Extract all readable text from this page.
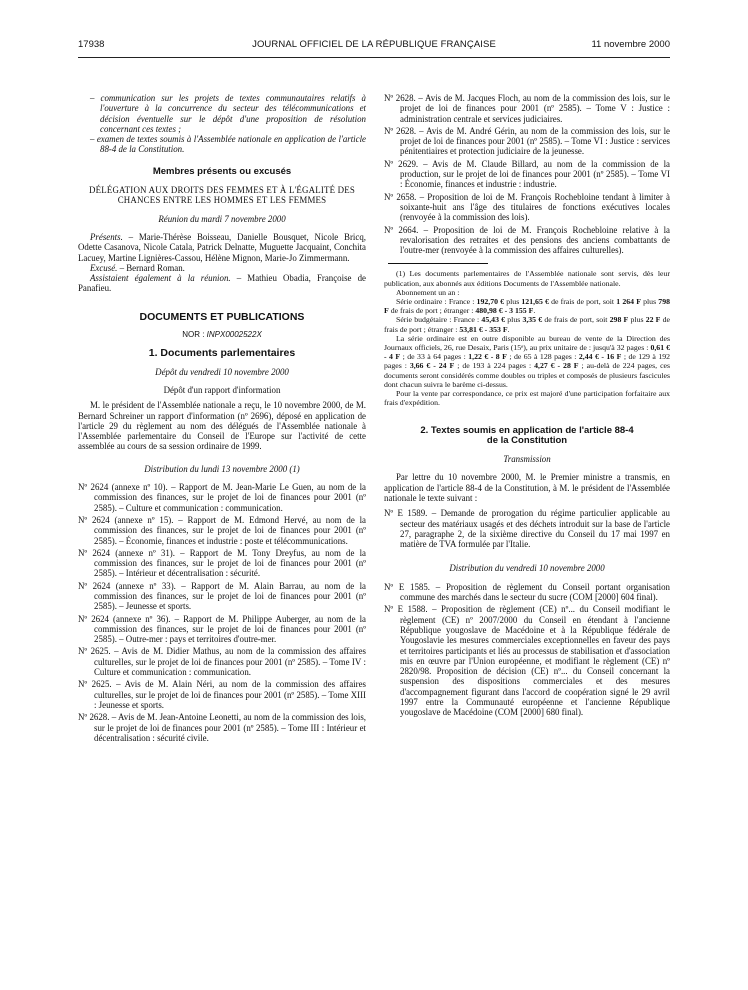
17938	JOURNAL OFFICIEL DE LA RÉPUBLIQUE FRANÇAISE	11 novembre 2000

– communication sur les projets de textes communautaires relatifs à l'ouverture à la concurrence du secteur des télécommunications et décision éventuelle sur le dépôt d'une proposition de résolution concernant ces textes ;

– examen de textes soumis à l'Assemblée nationale en application de l'article 88-4 de la Constitution.

Membres présents ou excusés

DÉLÉGATION AUX DROITS DES FEMMES ET À L'ÉGALITÉ DES CHANCES ENTRE LES HOMMES ET LES FEMMES

Réunion du mardi 7 novembre 2000

Présents. – Marie-Thérèse Boisseau, Danielle Bousquet, Nicole Bricq, Odette Casanova, Nicole Catala, Patrick Delnatte, Muguette Jacquaint, Conchita Lacuey, Martine Lignières-Cassou, Hélène Mignon, Marie-Jo Zimmermann.

Excusé. – Bernard Roman.

Assistaient également à la réunion. – Mathieu Obadia, Françoise de Panafieu.

DOCUMENTS ET PUBLICATIONS

NOR : INPX0002522X

1. Documents parlementaires

Dépôt du vendredi 10 novembre 2000

Dépôt d'un rapport d'information

M. le président de l'Assemblée nationale a reçu, le 10 novembre 2000, de M. Bernard Schreiner un rapport d'information (nº 2696), déposé en application de l'article 29 du règlement au nom des délégués de l'Assemblée nationale à l'Assemblée parlementaire du Conseil de l'Europe sur l'activité de cette assemblée au cours de sa session ordinaire de 1999.

Distribution du lundi 13 novembre 2000 (1)

Nº 2624 (annexe nº 10). – Rapport de M. Jean-Marie Le Guen, au nom de la commission des finances, sur le projet de loi de finances pour 2001 (nº 2585). – Culture et communication : communication.

Nº 2624 (annexe nº 15). – Rapport de M. Edmond Hervé, au nom de la commission des finances, sur le projet de loi de finances pour 2001 (nº 2585). – Économie, finances et industrie : poste et télécommunications.

Nº 2624 (annexe nº 31). – Rapport de M. Tony Dreyfus, au nom de la commission des finances, sur le projet de loi de finances pour 2001 (nº 2585). – Intérieur et décentralisation : sécurité.

Nº 2624 (annexe nº 33). – Rapport de M. Alain Barrau, au nom de la commission des finances, sur le projet de loi de finances pour 2001 (nº 2585). – Jeunesse et sports.

Nº 2624 (annexe nº 36). – Rapport de M. Philippe Auberger, au nom de la commission des finances, sur le projet de loi de finances pour 2001 (nº 2585). – Outre-mer : pays et territoires d'outre-mer.

Nº 2625. – Avis de M. Didier Mathus, au nom de la commission des affaires culturelles, sur le projet de loi de finances pour 2001 (nº 2585). – Tome IV : Culture et communication : communication.

Nº 2625. – Avis de M. Alain Néri, au nom de la commission des affaires culturelles, sur le projet de loi de finances pour 2001 (nº 2585). – Tome XIII : Jeunesse et sports.

Nº 2628. – Avis de M. Jean-Antoine Leonetti, au nom de la commission des lois, sur le projet de loi de finances pour 2001 (nº 2585). – Tome III : Intérieur et décentralisation : sécurité civile.

Nº 2628. – Avis de M. Jacques Floch, au nom de la commission des lois, sur le projet de loi de finances pour 2001 (nº 2585). – Tome V : Justice : administration centrale et services judiciaires.

Nº 2628. – Avis de M. André Gérin, au nom de la commission des lois, sur le projet de loi de finances pour 2001 (nº 2585). – Tome VI : Justice : services pénitentiaires et protection judiciaire de la jeunesse.

Nº 2629. – Avis de M. Claude Billard, au nom de la commission de la production, sur le projet de loi de finances pour 2001 (nº 2585). – Tome VI : Économie, finances et industrie : industrie.

Nº 2658. – Proposition de loi de M. François Rochebloine tendant à limiter à soixante-huit ans l'âge des titulaires de fonctions exécutives locales (renvoyée à la commission des lois).

Nº 2664. – Proposition de loi de M. François Rochebloine relative à la revalorisation des retraites et des pensions des anciens combattants de l'outre-mer (renvoyée à la commission des affaires culturelles).

(1) Les documents parlementaires de l'Assemblée nationale sont servis, dès leur publication, aux abonnés aux éditions Documents de l'Assemblée nationale.

Abonnement un an :

Série ordinaire : France : 192,70 € plus 121,65 € de frais de port, soit 1 264 F plus 798 F de frais de port ; étranger : 480,98 € - 3 155 F.

Série budgétaire : France : 45,43 € plus 3,35 € de frais de port, soit 298 F plus 22 F de frais de port ; étranger : 53,81 € - 353 F.

La série ordinaire est en outre disponible au bureau de vente de la Direction des Journaux officiels, 26, rue Desaix, Paris (15ᵉ), au prix unitaire de : jusqu'à 32 pages : 0,61 € - 4 F ; de 33 à 64 pages : 1,22 € - 8 F ; de 65 à 128 pages : 2,44 € - 16 F ; de 129 à 192 pages : 3,66 € - 24 F ; de 193 à 224 pages : 4,27 € - 28 F ; au-delà de 224 pages, ces documents seront considérés comme doubles ou triples et composés de plusieurs fascicules dont chacun suivra le barème ci-dessus.

Pour la vente par correspondance, ce prix est majoré d'une participation forfaitaire aux frais d'expédition.

2. Textes soumis en application de l'article 88-4

de la Constitution

Transmission

Par lettre du 10 novembre 2000, M. le Premier ministre a transmis, en application de l'article 88-4 de la Constitution, à M. le président de l'Assemblée nationale le texte suivant :

Nº E 1589. – Demande de prorogation du régime particulier applicable au secteur des matériaux usagés et des déchets introduit sur la base de l'article 27, paragraphe 2, de la sixième directive du Conseil du 17 mai 1997 en matière de TVA formulée par l'Italie.

Distribution du vendredi 10 novembre 2000

Nº E 1585. – Proposition de règlement du Conseil portant organisation commune des marchés dans le secteur du sucre (COM [2000] 604 final).

Nº E 1588. – Proposition de règlement (CE) nº... du Conseil modifiant le règlement (CE) nº 2007/2000 du Conseil en étendant à l'ancienne République yougoslave de Macédoine et à la République fédérale de Yougoslavie les mesures commerciales exceptionnelles en faveur des pays et territoires participants et liés au processus de stabilisation et d'association mis en œuvre par l'Union européenne, et modifiant le règlement (CE) nº 2820/98. Proposition de décision (CE) nº... du Conseil concernant la suspension des dispositions commerciales et des mesures d'accompagnement figurant dans l'accord de coopération signé le 29 avril 1997 entre la Communauté européenne et l'ancienne République yougoslave de Macédoine (COM [2000] 680 final).
